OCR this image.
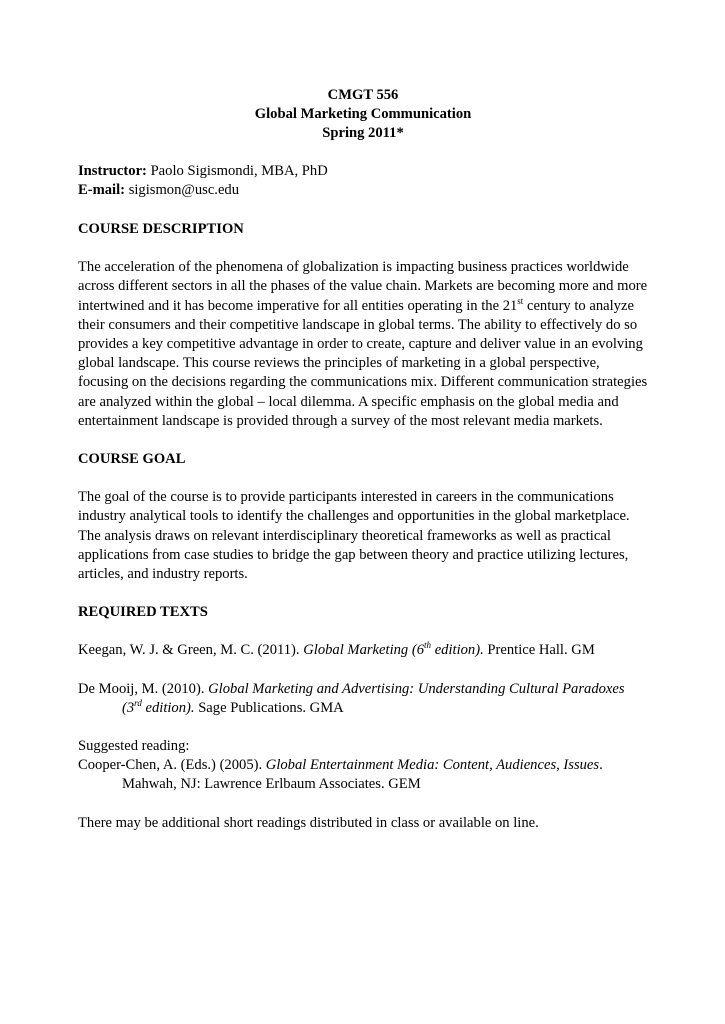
CMGT 556
Global Marketing Communication
Spring 2011*
Instructor: Paolo Sigismondi, MBA, PhD
E-mail: sigismon@usc.edu
COURSE DESCRIPTION

The acceleration of the phenomena of globalization is impacting business practices worldwide across different sectors in all the phases of the value chain. Markets are becoming more and more intertwined and it has become imperative for all entities operating in the 21st century to analyze their consumers and their competitive landscape in global terms. The ability to effectively do so provides a key competitive advantage in order to create, capture and deliver value in an evolving global landscape. This course reviews the principles of marketing in a global perspective, focusing on the decisions regarding the communications mix. Different communication strategies are analyzed within the global – local dilemma. A specific emphasis on the global media and entertainment landscape is provided through a survey of the most relevant media markets.

COURSE GOAL

The goal of the course is to provide participants interested in careers in the communications industry analytical tools to identify the challenges and opportunities in the global marketplace. The analysis draws on relevant interdisciplinary theoretical frameworks as well as practical applications from case studies to bridge the gap between theory and practice utilizing lectures, articles, and industry reports.

REQUIRED TEXTS
Keegan, W. J. & Green, M. C. (2011). Global Marketing (6th edition). Prentice Hall. GM
De Mooij, M. (2010). Global Marketing and Advertising: Understanding Cultural Paradoxes (3rd edition). Sage Publications. GMA

Suggested reading:

Cooper-Chen, A. (Eds.) (2005). Global Entertainment Media: Content, Audiences, Issues. Mahwah, NJ: Lawrence Erlbaum Associates. GEM

There may be additional short readings distributed in class or available on line.
